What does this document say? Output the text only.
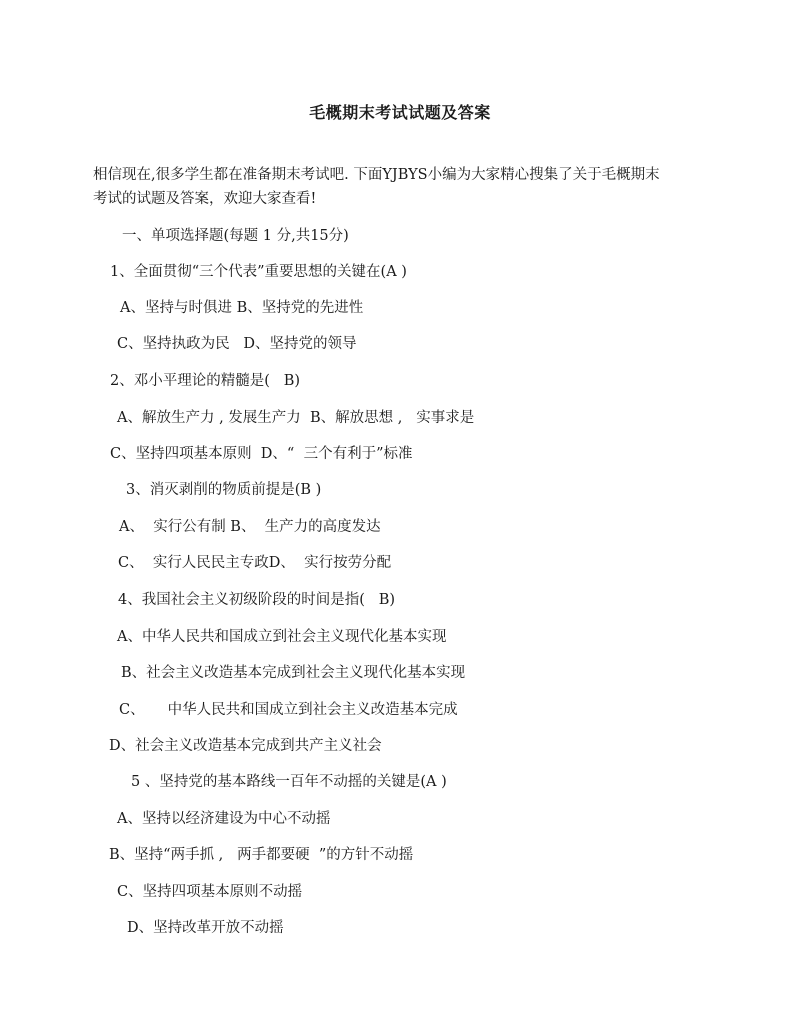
毛概期末考试试题及答案

相信现在,很多学生都在准备期末考试吧. 下面YJBYS小编为大家精心搜集了关于毛概期末

考试的试题及答案，欢迎大家查看!

一、单项选择题(每题 1 分,共15分)
1、全面贯彻“三个代表”重要思想的关键在(A )
A、坚持与时俱进 B、坚持党的先进性
C、坚持执政为民   D、坚持党的领导
2、邓小平理论的精髓是(   B)
A、解放生产力 , 发展生产力  B、解放思想 ,   实事求是
C、坚持四项基本原则  D、“  三个有利于”标准
3、消灭剥削的物质前提是(B )
A、  实行公有制 B、  生产力的高度发达
C、  实行人民民主专政D、  实行按劳分配
4、我国社会主义初级阶段的时间是指(   B)
A、中华人民共和国成立到社会主义现代化基本实现
B、社会主义改造基本完成到社会主义现代化基本实现
C、     中华人民共和国成立到社会主义改造基本完成
D、社会主义改造基本完成到共产主义社会
5 、坚持党的基本路线一百年不动摇的关键是(A )
A、坚持以经济建设为中心不动摇
B、坚持“两手抓 ,   两手都要硬  ”的方针不动摇
C、坚持四项基本原则不动摇
D、坚持改革开放不动摇
